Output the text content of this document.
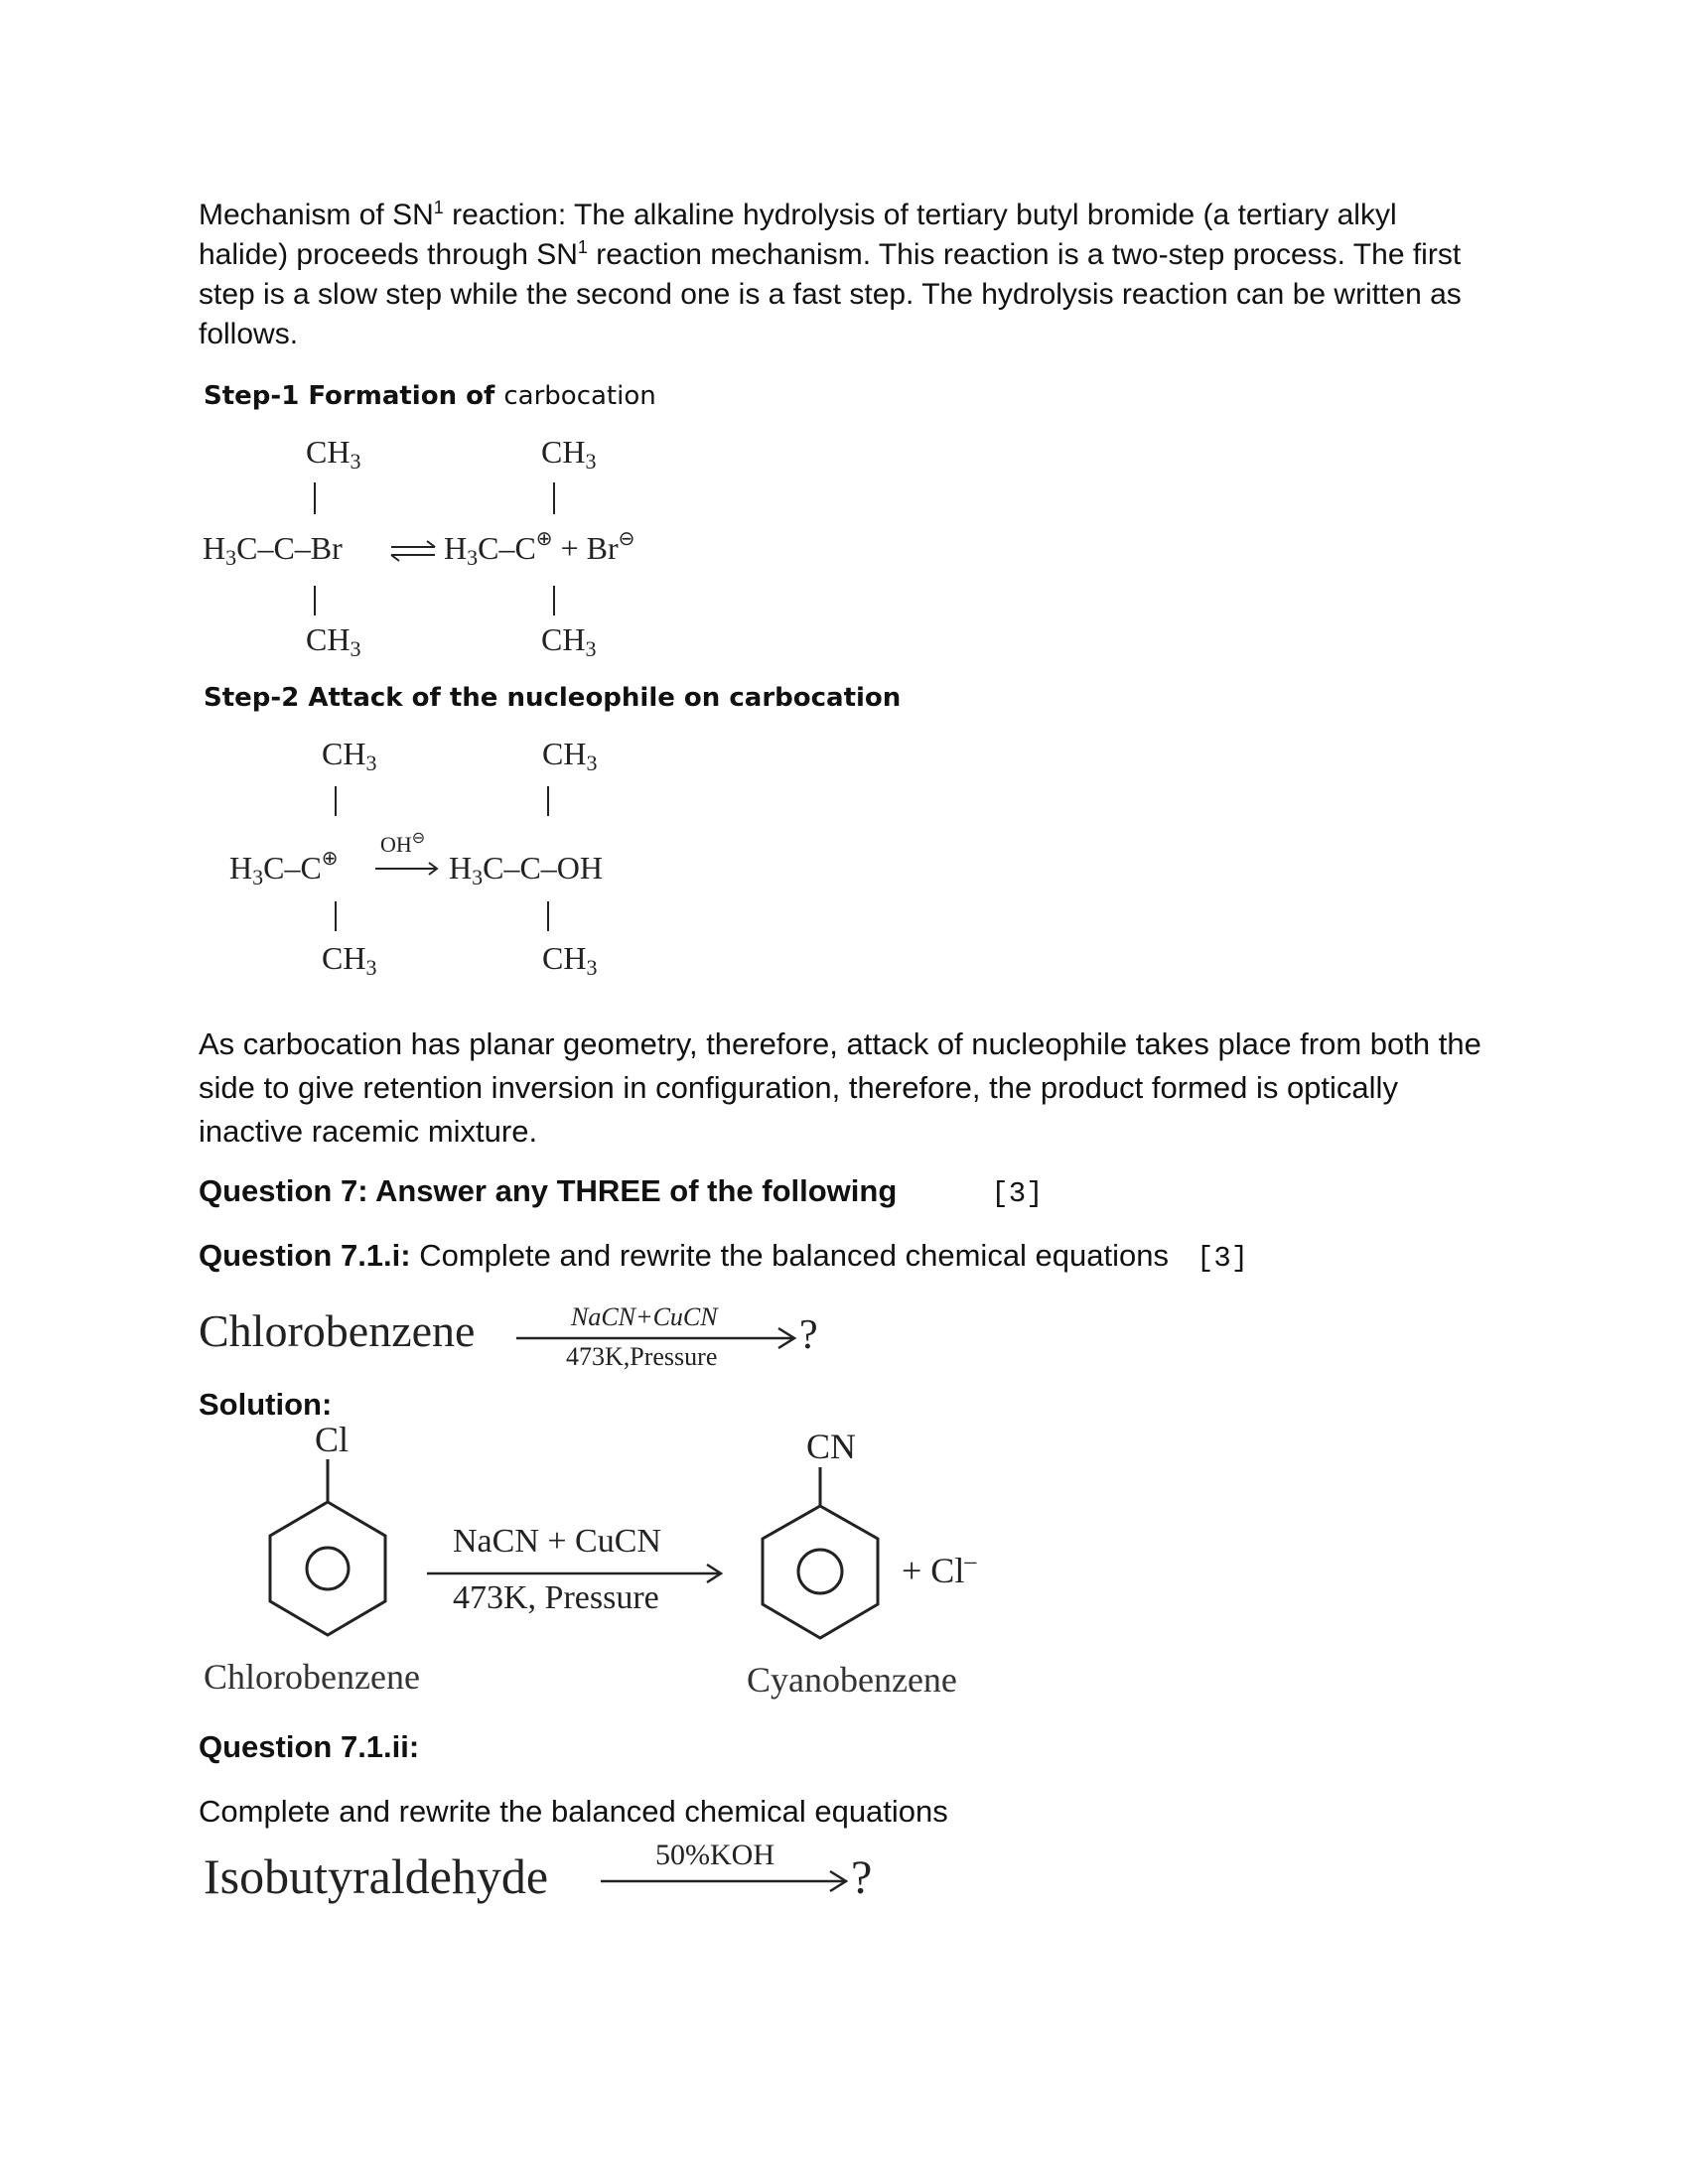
Mechanism of $SN^1$ reaction: The alkaline hydrolysis of tertiary butyl bromide (a tertiary alkyl halide) proceeds through $SN^1$ reaction mechanism. This reaction is a two-step process. The first step is a slow step while the second one is a fast step. The hydrolysis reaction can be written as follows.
Step-1 Formation of carbocation
Step-2 Attack of the nucleophile on carbocation
CH3	CH3
H3C–C–Br	H3C–C⊕ + Br⊖
CH3	CH3
CH3	CH3
H3C–C⊕
OH⊖
H3C–C–OH
CH3	CH3
Chlorobenzene	NaCN+CuCN
473K,Pressure ?
Cl
NaCN + CuCN
473K, Pressure
CN
+ Cl–
Chlorobenzene	Cyanobenzene
Isobutyraldehyde	50%KOH ?
As carbocation has planar geometry, therefore, attack of nucleophile takes place from both the side to give retention inversion in configuration, therefore, the product formed is optically inactive racemic mixture.
Question 7: Answer any THREE of the following	[3]
Question 7.1.i: Complete and rewrite the balanced chemical equations [3]
Solution:
Question 7.1.ii:
Complete and rewrite the balanced chemical equations
